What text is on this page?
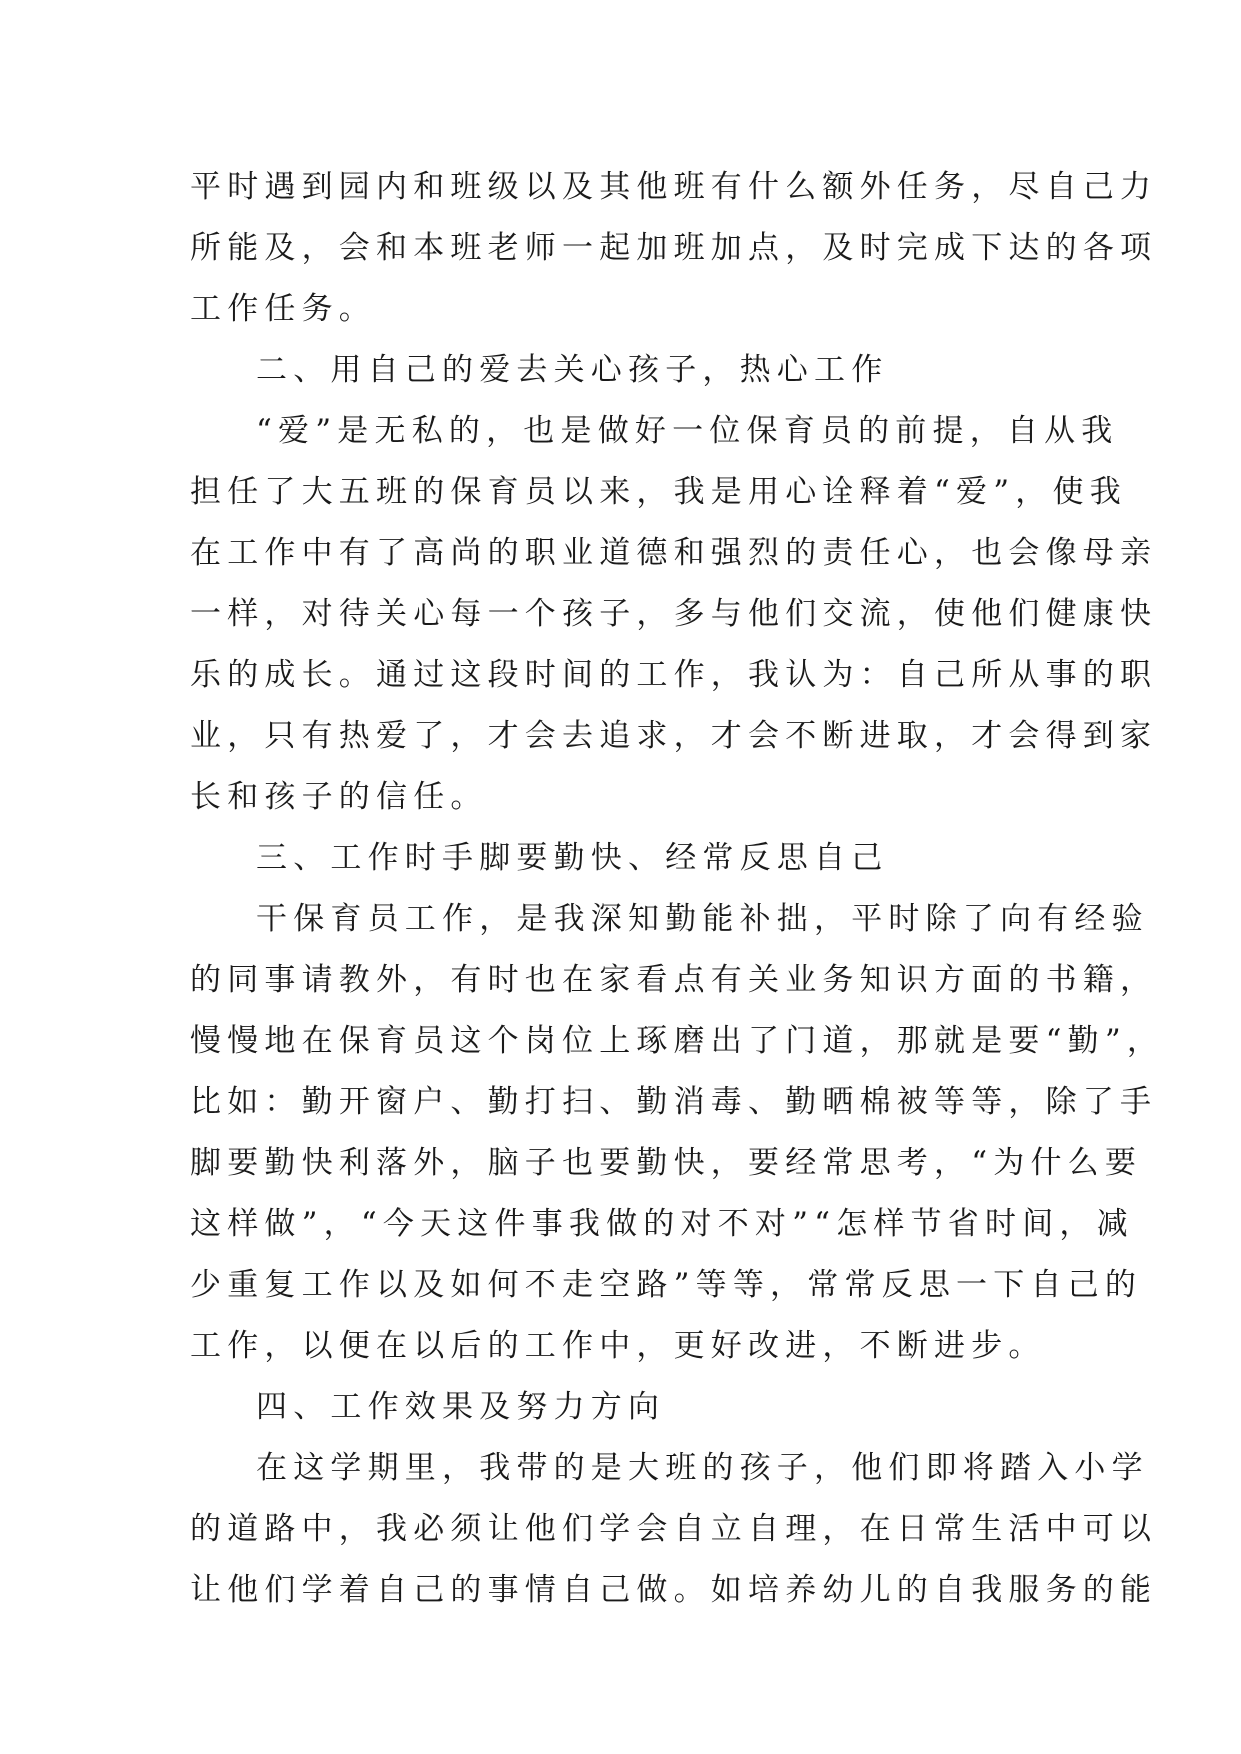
平时遇到园内和班级以及其他班有什么额外任务，尽自己力
所能及，会和本班老师一起加班加点，及时完成下达的各项
工作任务。
二、用自己的爱去关心孩子，热心工作
“爱”是无私的，也是做好一位保育员的前提，自从我
担任了大五班的保育员以来，我是用心诠释着“爱”，使我
在工作中有了高尚的职业道德和强烈的责任心，也会像母亲
一样，对待关心每一个孩子，多与他们交流，使他们健康快
乐的成长。通过这段时间的工作，我认为：自己所从事的职
业，只有热爱了，才会去追求，才会不断进取，才会得到家
长和孩子的信任。
三、工作时手脚要勤快、经常反思自己
干保育员工作，是我深知勤能补拙，平时除了向有经验
的同事请教外，有时也在家看点有关业务知识方面的书籍，
慢慢地在保育员这个岗位上琢磨出了门道，那就是要“勤”，
比如：勤开窗户、勤打扫、勤消毒、勤晒棉被等等，除了手
脚要勤快利落外，脑子也要勤快，要经常思考，“为什么要
这样做”，“今天这件事我做的对不对”“怎样节省时间，减
少重复工作以及如何不走空路”等等，常常反思一下自己的
工作，以便在以后的工作中，更好改进，不断进步。
四、工作效果及努力方向
在这学期里，我带的是大班的孩子，他们即将踏入小学
的道路中，我必须让他们学会自立自理，在日常生活中可以
让他们学着自己的事情自己做。如培养幼儿的自我服务的能
